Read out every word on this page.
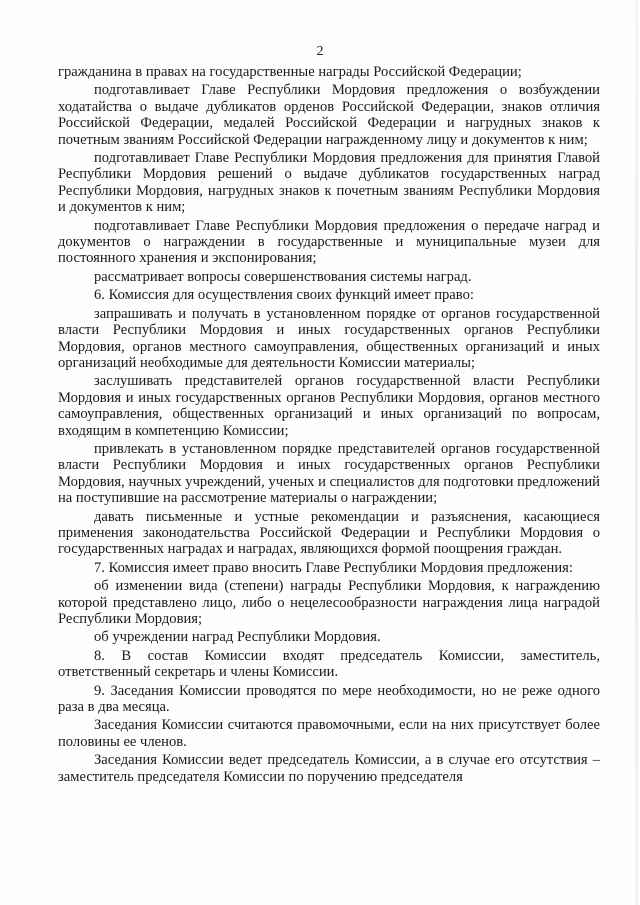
2

гражданина в правах на государственные награды Российской Федерации;

подготавливает Главе Республики Мордовия предложения о возбуждении ходатайства о выдаче дубликатов орденов Российской Федерации, знаков отличия Российской Федерации, медалей Российской Федерации и нагрудных знаков к почетным званиям Российской Федерации награжденному лицу и документов к ним;

подготавливает Главе Республики Мордовия предложения для принятия Главой Республики Мордовия решений о выдаче дубликатов государственных наград Республики Мордовия, нагрудных знаков к почетным званиям Республики Мордовия и документов к ним;

подготавливает Главе Республики Мордовия предложения о передаче наград и документов о награждении в государственные и муниципальные музеи для постоянного хранения и экспонирования;

рассматривает вопросы совершенствования системы наград.

6. Комиссия для осуществления своих функций имеет право:

запрашивать и получать в установленном порядке от органов государственной власти Республики Мордовия и иных государственных органов Республики Мордовия, органов местного самоуправления, общественных организаций и иных организаций необходимые для деятельности Комиссии материалы;

заслушивать представителей органов государственной власти Республики Мордовия и иных государственных органов Республики Мордовия, органов местного самоуправления, общественных организаций и иных организаций по вопросам, входящим в компетенцию Комиссии;

привлекать в установленном порядке представителей органов государственной власти Республики Мордовия и иных государственных органов Республики Мордовия, научных учреждений, ученых и специалистов для подготовки предложений на поступившие на рассмотрение материалы о награждении;

давать письменные и устные рекомендации и разъяснения, касающиеся применения законодательства Российской Федерации и Республики Мордовия о государственных наградах и наградах, являющихся формой поощрения граждан.

7. Комиссия имеет право вносить Главе Республики Мордовия предложения:

об изменении вида (степени) награды Республики Мордовия, к награждению которой представлено лицо, либо о нецелесообразности награждения лица наградой Республики Мордовия;

об учреждении наград Республики Мордовия.

8. В состав Комиссии входят председатель Комиссии, заместитель, ответственный секретарь и члены Комиссии.

9. Заседания Комиссии проводятся по мере необходимости, но не реже одного раза в два месяца.

Заседания Комиссии считаются правомочными, если на них присутствует более половины ее членов.

Заседания Комиссии ведет председатель Комиссии, а в случае его отсутствия – заместитель председателя Комиссии по поручению председателя
